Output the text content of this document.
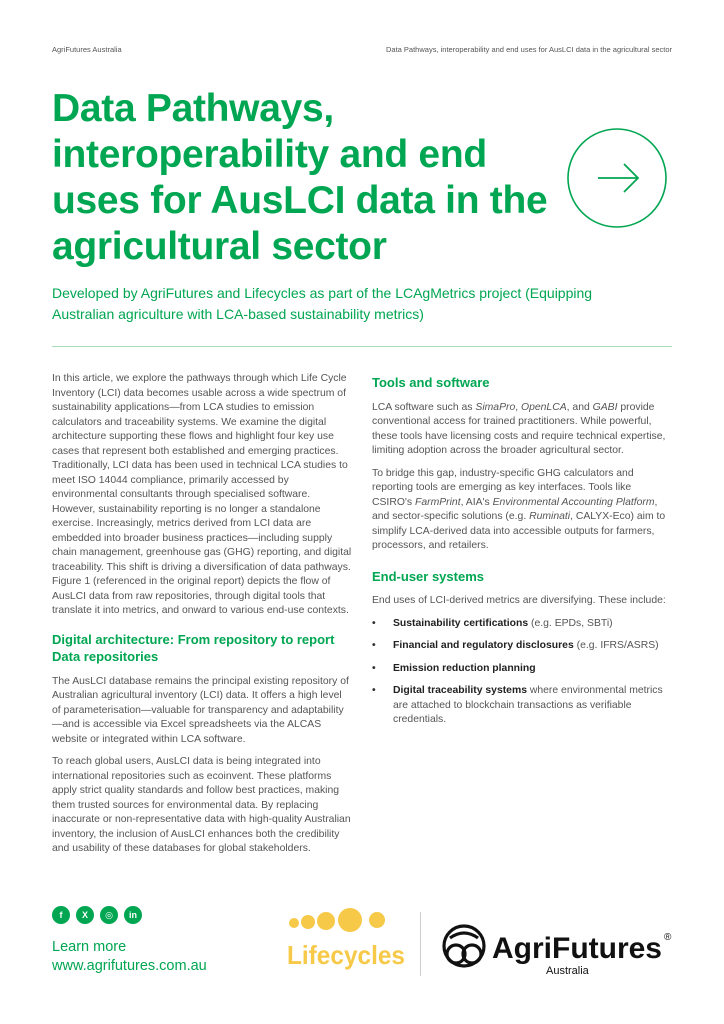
AgriFutures Australia	Data Pathways, interoperability and end uses for AusLCI data in the agricultural sector
Data Pathways, interoperability and end uses for AusLCI data in the agricultural sector
Developed by AgriFutures and Lifecycles as part of the LCAgMetrics project (Equipping Australian agriculture with LCA-based sustainability metrics)

In this article, we explore the pathways through which Life Cycle Inventory (LCI) data becomes usable across a wide spectrum of sustainability applications—from LCA studies to emission calculators and traceability systems. We examine the digital architecture supporting these flows and highlight four key use cases that represent both established and emerging practices. Traditionally, LCI data has been used in technical LCA studies to meet ISO 14044 compliance, primarily accessed by environmental consultants through specialised software. However, sustainability reporting is no longer a standalone exercise. Increasingly, metrics derived from LCI data are embedded into broader business practices—including supply chain management, greenhouse gas (GHG) reporting, and digital traceability. This shift is driving a diversification of data pathways. Figure 1 (referenced in the original report) depicts the flow of AusLCI data from raw repositories, through digital tools that translate it into metrics, and onward to various end-use contexts.

Digital architecture: From repository to report
Data repositories

The AusLCI database remains the principal existing repository of Australian agricultural inventory (LCI) data. It offers a high level of parameterisation—valuable for transparency and adaptability—and is accessible via Excel spreadsheets via the ALCAS website or integrated within LCA software.

To reach global users, AusLCI data is being integrated into international repositories such as ecoinvent. These platforms apply strict quality standards and follow best practices, making them trusted sources for environmental data. By replacing inaccurate or non-representative data with high-quality Australian inventory, the inclusion of AusLCI enhances both the credibility and usability of these databases for global stakeholders.

Tools and software

LCA software such as SimaPro, OpenLCA, and GABI provide conventional access for trained practitioners. While powerful, these tools have licensing costs and require technical expertise, limiting adoption across the broader agricultural sector.

To bridge this gap, industry-specific GHG calculators and reporting tools are emerging as key interfaces. Tools like CSIRO's FarmPrint, AIA's Environmental Accounting Platform, and sector-specific solutions (e.g. Ruminati, CALYX-Eco) aim to simplify LCA-derived data into accessible outputs for farmers, processors, and retailers.

End-user systems

End uses of LCI-derived metrics are diversifying. These include:

• Sustainability certifications (e.g. EPDs, SBTi)
• Financial and regulatory disclosures (e.g. IFRS/ASRS)
• Emission reduction planning
• Digital traceability systems where environmental metrics are attached to blockchain transactions as verifiable credentials.
f	X	◎	in
Learn more
www.agrifutures.com.au	Lifecycles	AgriFutures ®
Australia
